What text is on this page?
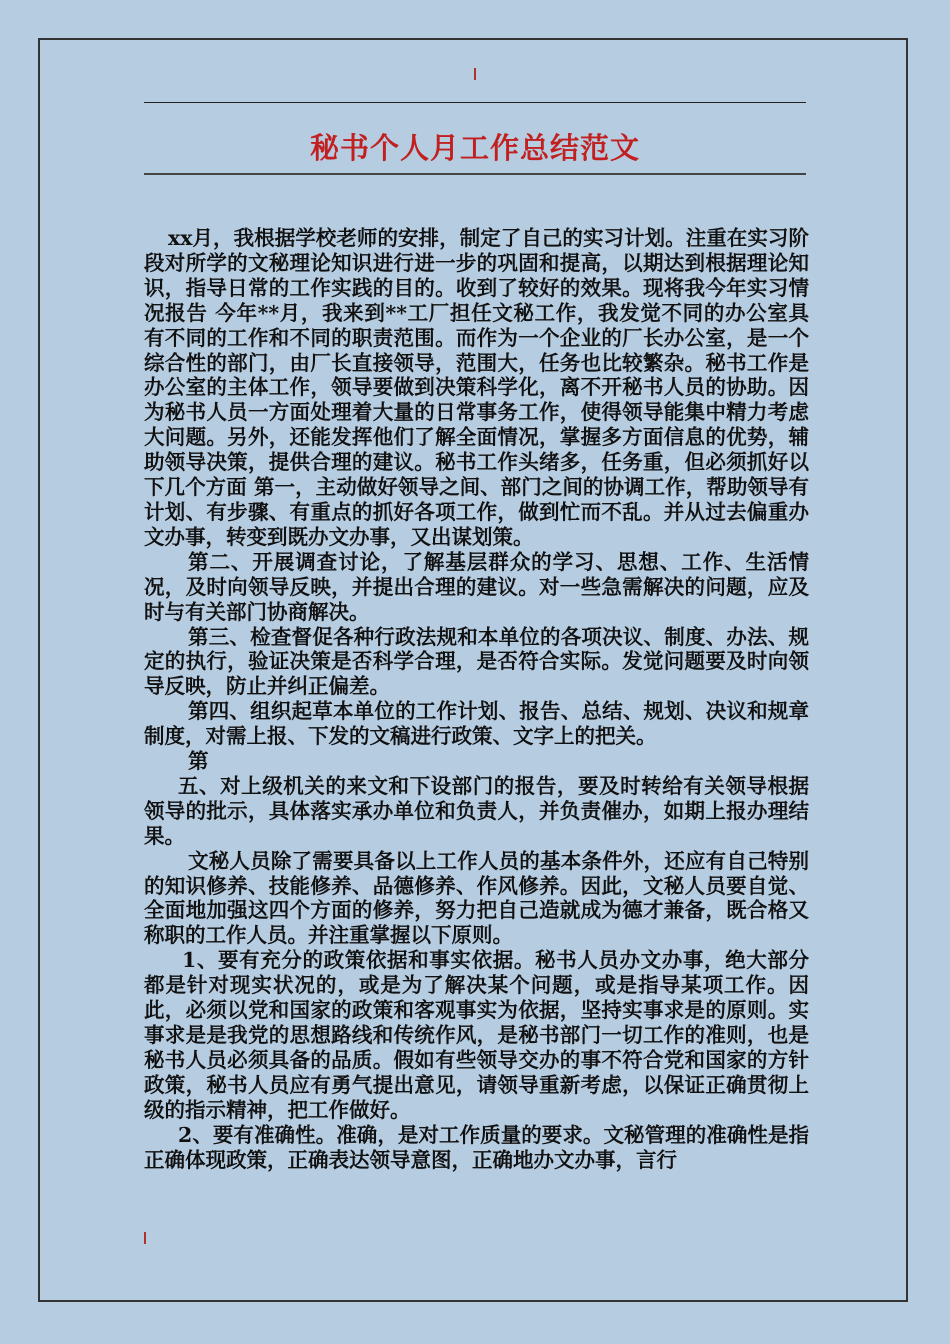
秘书个人月工作总结范文

xx月，我根据学校老师的安排，制定了自己的实习计划。注重在实习阶段对所学的文秘理论知识进行进一步的巩固和提高，以期达到根据理论知识，指导日常的工作实践的目的。收到了较好的效果。现将我今年实习情况报告 今年**月，我来到**工厂担任文秘工作，我发觉不同的办公室具有不同的工作和不同的职责范围。而作为一个企业的厂长办公室，是一个综合性的部门，由厂长直接领导，范围大，任务也比较繁杂。秘书工作是办公室的主体工作，领导要做到决策科学化，离不开秘书人员的协助。因为秘书人员一方面处理着大量的日常事务工作，使得领导能集中精力考虑大问题。另外，还能发挥他们了解全面情况，掌握多方面信息的优势，辅助领导决策，提供合理的建议。秘书工作头绪多，任务重，但必须抓好以下几个方面 第一，主动做好领导之间、部门之间的协调工作，帮助领导有计划、有步骤、有重点的抓好各项工作，做到忙而不乱。并从过去偏重办文办事，转变到既办文办事，又出谋划策。

第二、开展调查讨论，了解基层群众的学习、思想、工作、生活情况，及时向领导反映，并提出合理的建议。对一些急需解决的问题，应及时与有关部门协商解决。

第三、检查督促各种行政法规和本单位的各项决议、制度、办法、规定的执行，验证决策是否科学合理，是否符合实际。发觉问题要及时向领导反映，防止并纠正偏差。

第四、组织起草本单位的工作计划、报告、总结、规划、决议和规章制度，对需上报、下发的文稿进行政策、文字上的把关。

第

五、对上级机关的来文和下设部门的报告，要及时转给有关领导根据领导的批示，具体落实承办单位和负责人，并负责催办，如期上报办理结果。

文秘人员除了需要具备以上工作人员的基本条件外，还应有自己特别的知识修养、技能修养、品德修养、作风修养。因此，文秘人员要自觉、全面地加强这四个方面的修养，努力把自己造就成为德才兼备，既合格又称职的工作人员。并注重掌握以下原则。

1、要有充分的政策依据和事实依据。秘书人员办文办事，绝大部分都是针对现实状况的，或是为了解决某个问题，或是指导某项工作。因此，必须以党和国家的政策和客观事实为依据，坚持实事求是的原则。实事求是是我党的思想路线和传统作风，是秘书部门一切工作的准则，也是秘书人员必须具备的品质。假如有些领导交办的事不符合党和国家的方针政策，秘书人员应有勇气提出意见，请领导重新考虑，以保证正确贯彻上级的指示精神，把工作做好。

2、要有准确性。准确，是对工作质量的要求。文秘管理的准确性是指正确体现政策，正确表达领导意图，正确地办文办事，言行
